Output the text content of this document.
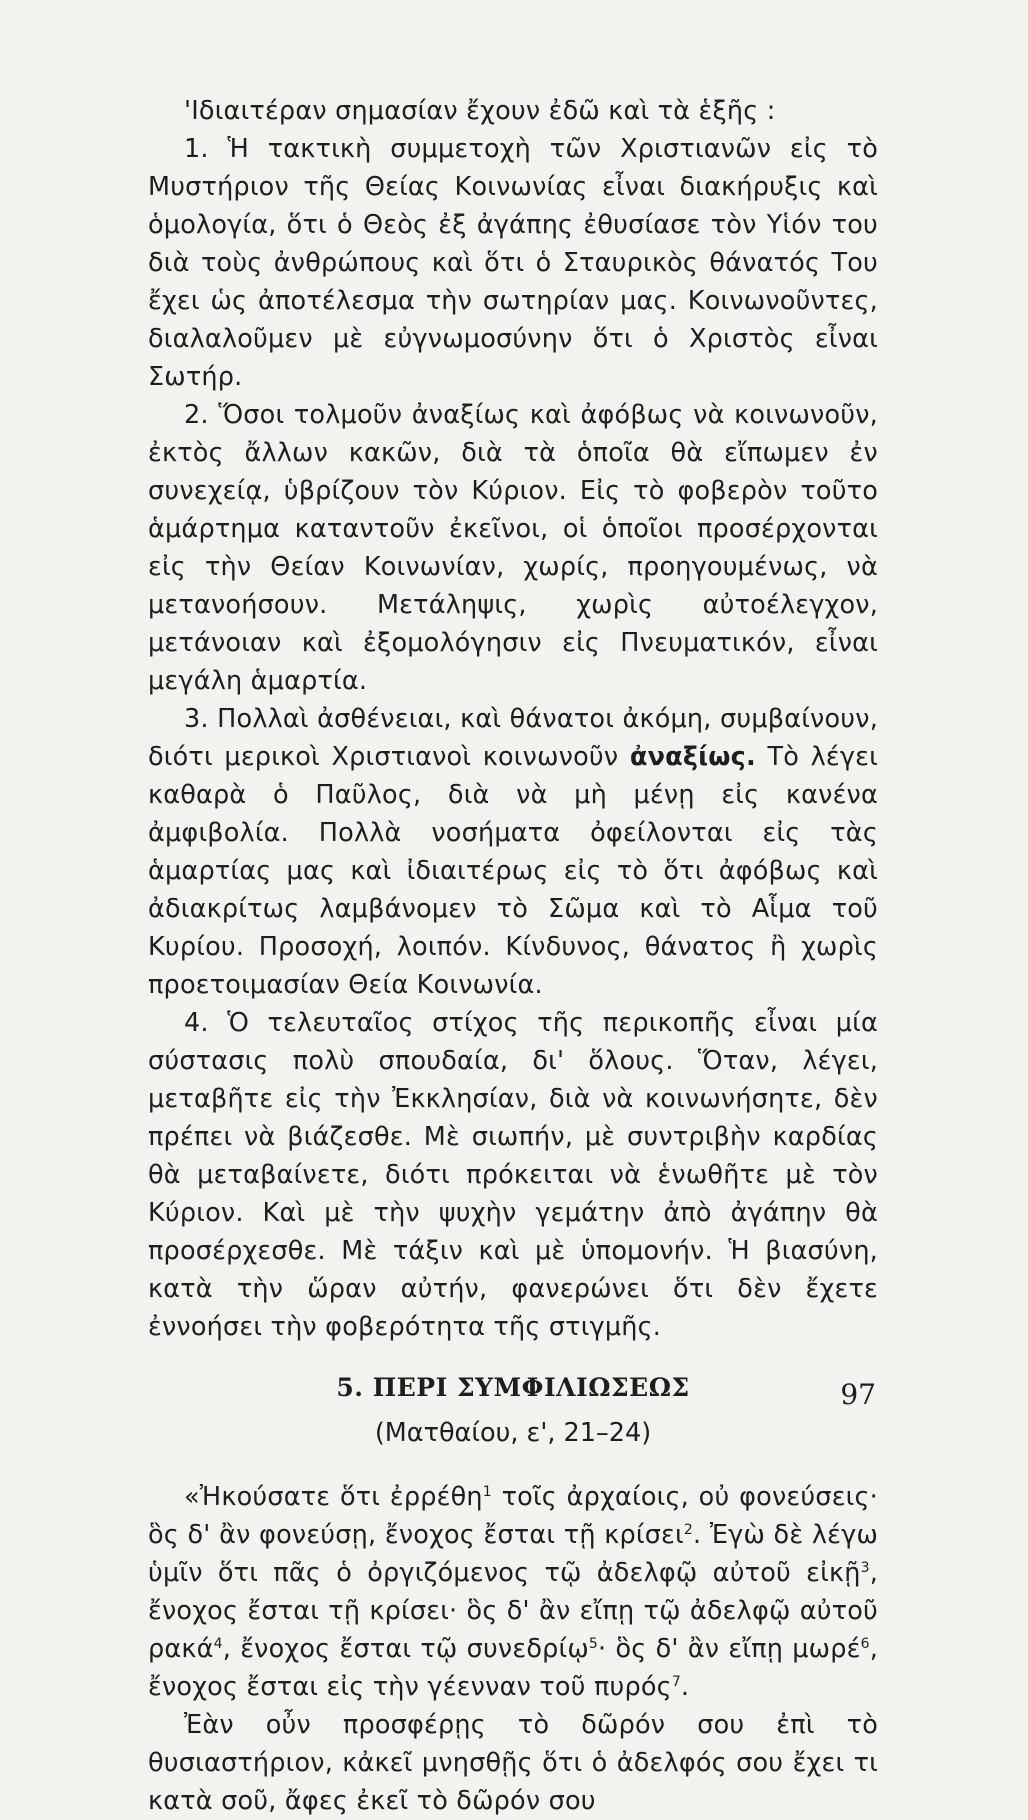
'Ιδιαιτέραν σημασίαν ἔχουν ἐδῶ καὶ τὰ ἑξῆς :

1. Ἡ τακτικὴ συμμετοχὴ τῶν Χριστιανῶν εἰς τὸ Μυστήριον τῆς Θείας Κοινωνίας εἶναι διακήρυξις καὶ ὁμολογία, ὅτι ὁ Θεὸς ἐξ ἀγάπης ἐθυσίασε τὸν Υἱόν του διὰ τοὺς ἀνθρώπους καὶ ὅτι ὁ Σταυρικὸς θάνατός Του ἔχει ὡς ἀποτέλεσμα τὴν σωτηρίαν μας. Κοινωνοῦντες, διαλαλοῦμεν μὲ εὐγνωμοσύνην ὅτι ὁ Χριστὸς εἶναι Σωτήρ.

2. Ὅσοι τολμοῦν ἀναξίως καὶ ἀφόβως νὰ κοινωνοῦν, ἐκτὸς ἄλλων κακῶν, διὰ τὰ ὁποῖα θὰ εἴπωμεν ἐν συνεχείᾳ, ὑβρίζουν τὸν Κύριον. Εἰς τὸ φοβερὸν τοῦτο ἁμάρτημα καταντοῦν ἐκεῖνοι, οἱ ὁποῖοι προσέρχονται εἰς τὴν Θείαν Κοινωνίαν, χωρίς, προηγουμένως, νὰ μετανοήσουν. Μετάληψις, χωρὶς αὐτοέλεγχον, μετάνοιαν καὶ ἐξομολόγησιν εἰς Πνευματικόν, εἶναι μεγάλη ἁμαρτία.

3. Πολλαὶ ἀσθένειαι, καὶ θάνατοι ἀκόμη, συμβαίνουν, διότι μερικοὶ Χριστιανοὶ κοινωνοῦν ἀναξίως. Τὸ λέγει καθαρὰ ὁ Παῦλος, διὰ νὰ μὴ μένῃ εἰς κανένα ἀμφιβολία. Πολλὰ νοσήματα ὀφείλονται εἰς τὰς ἁμαρτίας μας καὶ ἰδιαιτέρως εἰς τὸ ὅτι ἀφόβως καὶ ἀδιακρίτως λαμβάνομεν τὸ Σῶμα καὶ τὸ Αἷμα τοῦ Κυρίου. Προσοχή, λοιπόν. Κίνδυνος, θάνατος ἢ χωρὶς προετοιμασίαν Θεία Κοινωνία.

4. Ὁ τελευταῖος στίχος τῆς περικοπῆς εἶναι μία σύστασις πολὺ σπουδαία, δι' ὅλους. Ὅταν, λέγει, μεταβῆτε εἰς τὴν Ἐκκλησίαν, διὰ νὰ κοινωνήσητε, δὲν πρέπει νὰ βιάζεσθε. Μὲ σιωπήν, μὲ συντριβὴν καρδίας θὰ μεταβαίνετε, διότι πρόκειται νὰ ἑνωθῆτε μὲ τὸν Κύριον. Καὶ μὲ τὴν ψυχὴν γεμάτην ἀπὸ ἀγάπην θὰ προσέρχεσθε. Μὲ τάξιν καὶ μὲ ὑπομονήν. Ἡ βιασύνη, κατὰ τὴν ὥραν αὐτήν, φανερώνει ὅτι δὲν ἔχετε ἐννοήσει τὴν φοβερότητα τῆς στιγμῆς.

5. ΠΕΡΙ ΣΥΜΦΙΛΙΩΣΕΩΣ
(Ματθαίου, ε', 21–24)

«Ἠκούσατε ὅτι ἐρρέθη$^1$ τοῖς ἀρχαίοις, οὐ φονεύσεις· ὃς δ' ἂν φονεύσῃ, ἔνοχος ἔσται τῇ κρίσει$^2$. Ἐγὼ δὲ λέγω ὑμῖν ὅτι πᾶς ὁ ὀργιζόμενος τῷ ἀδελφῷ αὐτοῦ εἰκῇ$^3$, ἔνοχος ἔσται τῇ κρίσει· ὃς δ' ἂν εἴπῃ τῷ ἀδελφῷ αὐτοῦ ρακά$^4$, ἔνοχος ἔσται τῷ συνεδρίῳ$^5$· ὃς δ' ἂν εἴπῃ μωρέ$^6$, ἔνοχος ἔσται εἰς τὴν γέενναν τοῦ πυρός$^7$.

Ἐὰν οὖν προσφέρῃς τὸ δῶρόν σου ἐπὶ τὸ θυσιαστήριον, κἀκεῖ μνησθῇς ὅτι ὁ ἀδελφός σου ἔχει τι κατὰ σοῦ, ἄφες ἐκεῖ τὸ δῶρόν σου

97
